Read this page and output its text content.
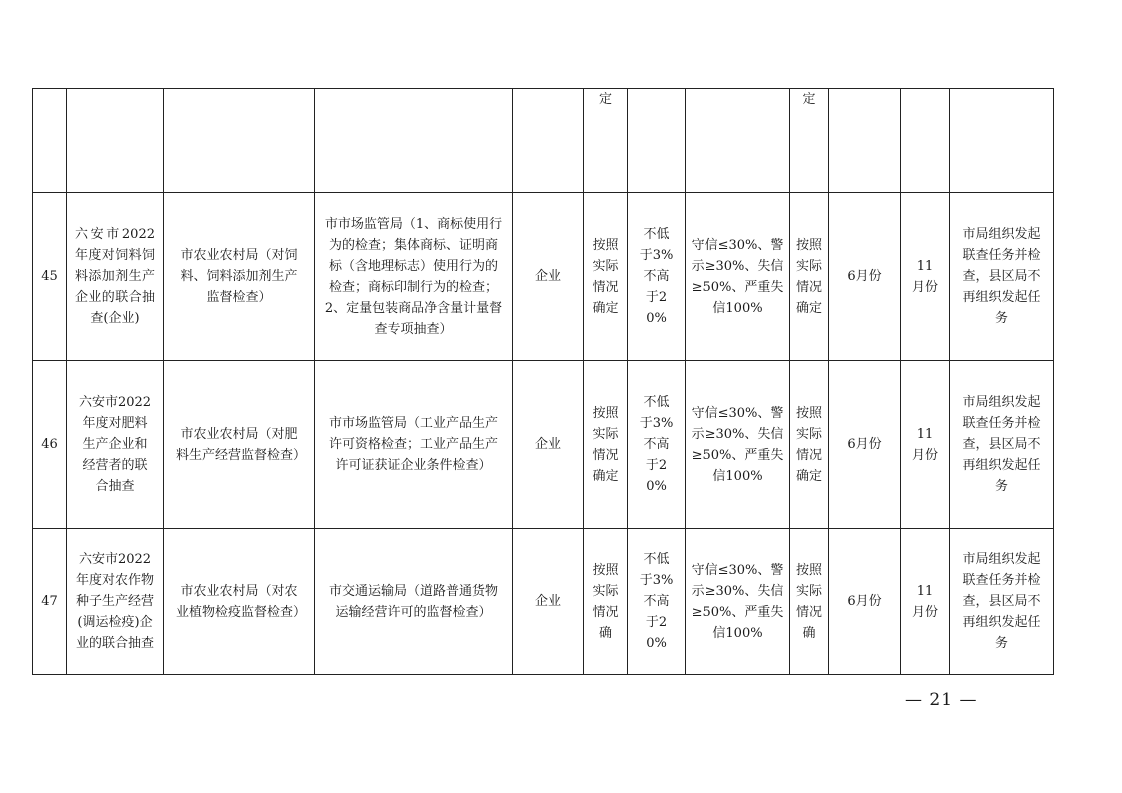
					定			定			
45	六安市2022年度对饲料饲料添加剂生产企业的联合抽查(企业)	市农业农村局（对饲料、饲料添加剂生产监督检查）	市市场监管局（1、商标使用行为的检查；集体商标、证明商标（含地理标志）使用行为的检查；商标印制行为的检查；2、定量包装商品净含量计量督查专项抽查）	企业	按照实际情况确定	不低于3%不高于20%	守信≤30%、警示≥30%、失信≥50%、严重失信100%	按照实际情况确定	6月份	11月份	市局组织发起联查任务并检查，县区局不再组织发起任务
46	六安市2022年度对肥料生产企业和经营者的联合抽查	市农业农村局（对肥料生产经营监督检查）	市市场监管局（工业产品生产许可资格检查；工业产品生产许可证获证企业条件检查）	企业	按照实际情况确定	不低于3%不高于20%	守信≤30%、警示≥30%、失信≥50%、严重失信100%	按照实际情况确定	6月份	11月份	市局组织发起联查任务并检查，县区局不再组织发起任务
47	六安市2022年度对农作物种子生产经营(调运检疫)企业的联合抽查	市农业农村局（对农业植物检疫监督检查）	市交通运输局（道路普通货物运输经营许可的监督检查）	企业	按照实际情况确	不低于3%不高于20%	守信≤30%、警示≥30%、失信≥50%、严重失信100%	按照实际情况确	6月份	11月份	市局组织发起联查任务并检查，县区局不再组织发起任务
— 21 —
